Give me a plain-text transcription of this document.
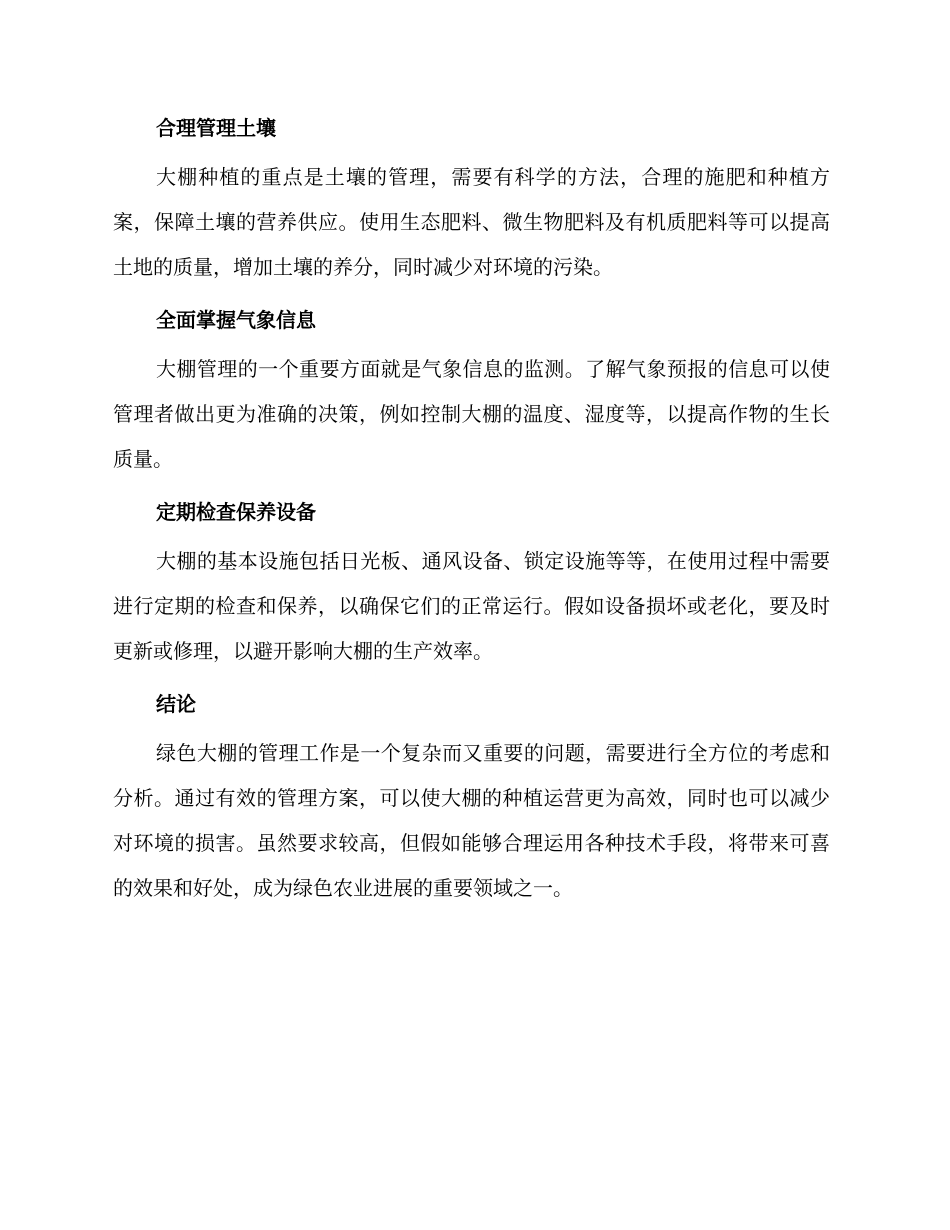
合理管理土壤

大棚种植的重点是土壤的管理，需要有科学的方法，合理的施肥和种植方案，保障土壤的营养供应。使用生态肥料、微生物肥料及有机质肥料等可以提高土地的质量，增加土壤的养分，同时减少对环境的污染。

全面掌握气象信息

大棚管理的一个重要方面就是气象信息的监测。了解气象预报的信息可以使管理者做出更为准确的决策，例如控制大棚的温度、湿度等，以提高作物的生长质量。

定期检查保养设备

大棚的基本设施包括日光板、通风设备、锁定设施等等，在使用过程中需要进行定期的检查和保养，以确保它们的正常运行。假如设备损坏或老化，要及时更新或修理，以避开影响大棚的生产效率。

结论

绿色大棚的管理工作是一个复杂而又重要的问题，需要进行全方位的考虑和分析。通过有效的管理方案，可以使大棚的种植运营更为高效，同时也可以减少对环境的损害。虽然要求较高，但假如能够合理运用各种技术手段，将带来可喜的效果和好处，成为绿色农业进展的重要领域之一。
